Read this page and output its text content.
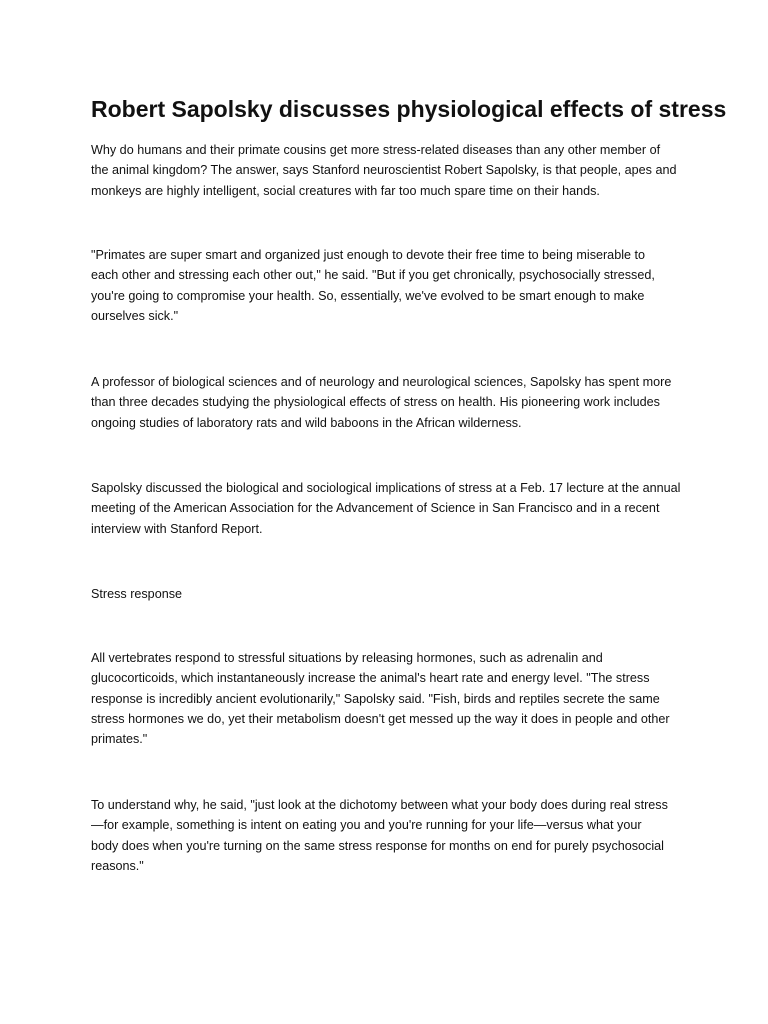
Robert Sapolsky discusses physiological effects of stress

Why do humans and their primate cousins get more stress-related diseases than any other member of
the animal kingdom? The answer, says Stanford neuroscientist Robert Sapolsky, is that people, apes and
monkeys are highly intelligent, social creatures with far too much spare time on their hands.

"Primates are super smart and organized just enough to devote their free time to being miserable to
each other and stressing each other out," he said. "But if you get chronically, psychosocially stressed,
you're going to compromise your health. So, essentially, we've evolved to be smart enough to make
ourselves sick."

A professor of biological sciences and of neurology and neurological sciences, Sapolsky has spent more
than three decades studying the physiological effects of stress on health. His pioneering work includes
ongoing studies of laboratory rats and wild baboons in the African wilderness.

Sapolsky discussed the biological and sociological implications of stress at a Feb. 17 lecture at the annual
meeting of the American Association for the Advancement of Science in San Francisco and in a recent
interview with Stanford Report.

Stress response

All vertebrates respond to stressful situations by releasing hormones, such as adrenalin and
glucocorticoids, which instantaneously increase the animal's heart rate and energy level. "The stress
response is incredibly ancient evolutionarily," Sapolsky said. "Fish, birds and reptiles secrete the same
stress hormones we do, yet their metabolism doesn't get messed up the way it does in people and other
primates."

To understand why, he said, "just look at the dichotomy between what your body does during real stress
—for example, something is intent on eating you and you're running for your life—versus what your
body does when you're turning on the same stress response for months on end for purely psychosocial
reasons."
